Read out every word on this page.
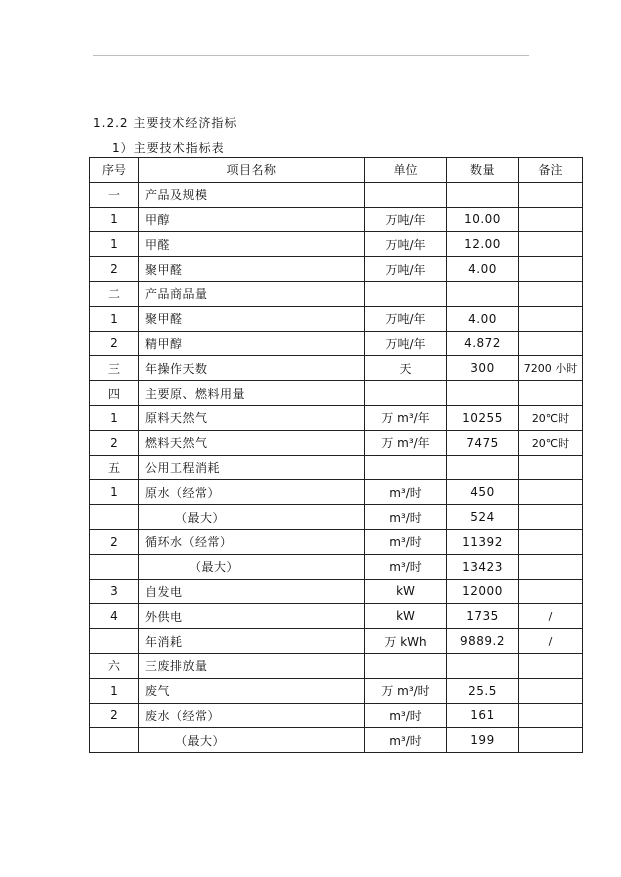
1.2.2 主要技术经济指标
1）主要技术指标表
序号	项目名称	单位	数量	备注
一	产品及规模			
1	甲醇	万吨/年	10.00	
1	甲醛	万吨/年	12.00	
2	聚甲醛	万吨/年	4.00	
二	产品商品量			
1	聚甲醛	万吨/年	4.00	
2	精甲醇	万吨/年	4.872	
三	年操作天数	天	300	7200 小时
四	主要原、燃料用量			
1	原料天然气	万 m³/年	10255	20℃时
2	燃料天然气	万 m³/年	7475	20℃时
五	公用工程消耗			
1	原水（经常）	m³/时	450	
	（最大）	m³/时	524	
2	循环水（经常）	m³/时	11392	
	（最大）	m³/时	13423	
3	自发电	kW	12000	
4	外供电	kW	1735	/
	年消耗	万 kWh	9889.2	/
六	三废排放量			
1	废气	万 m³/时	25.5	
2	废水（经常）	m³/时	161	
	（最大）	m³/时	199	
